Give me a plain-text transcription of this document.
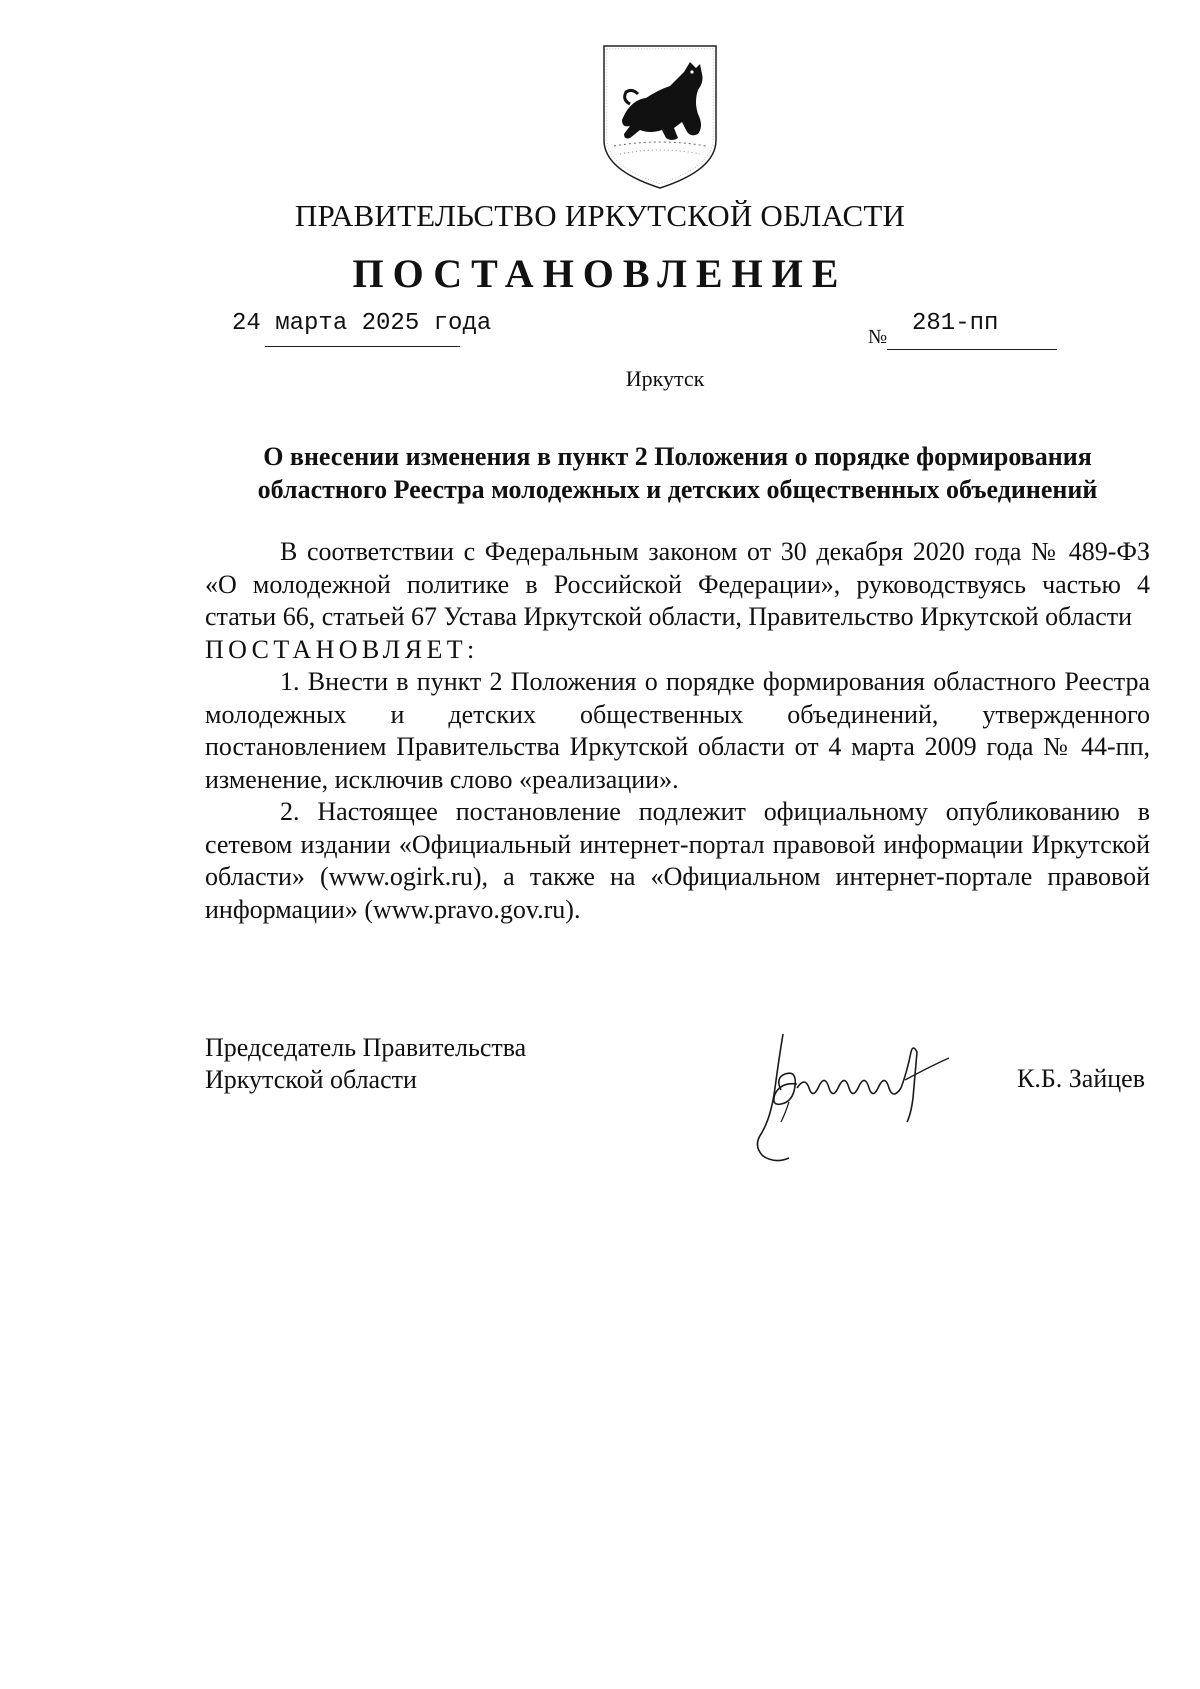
ПРАВИТЕЛЬСТВО ИРКУТСКОЙ ОБЛАСТИ
ПОСТАНОВЛЕНИЕ
24 марта 2025 года	№ 281-пп
Иркутск
О внесении изменения в пункт 2 Положения о порядке формирования областного Реестра молодежных и детских общественных объединений

В соответствии с Федеральным законом от 30 декабря 2020 года № 489-ФЗ «О молодежной политике в Российской Федерации», руководствуясь частью 4 статьи 66, статьей 67 Устава Иркутской области, Правительство Иркутской области

ПОСТАНОВЛЯЕТ:

1. Внести в пункт 2 Положения о порядке формирования областного Реестра молодежных и детских общественных объединений, утвержденного постановлением Правительства Иркутской области от 4 марта 2009 года № 44-пп, изменение, исключив слово «реализации».

2. Настоящее постановление подлежит официальному опубликованию в сетевом издании «Официальный интернет-портал правовой информации Иркутской области» (www.ogirk.ru), а также на «Официальном интернет-портале правовой информации» (www.pravo.gov.ru).

Председатель Правительства
Иркутской области	К.Б. Зайцев
